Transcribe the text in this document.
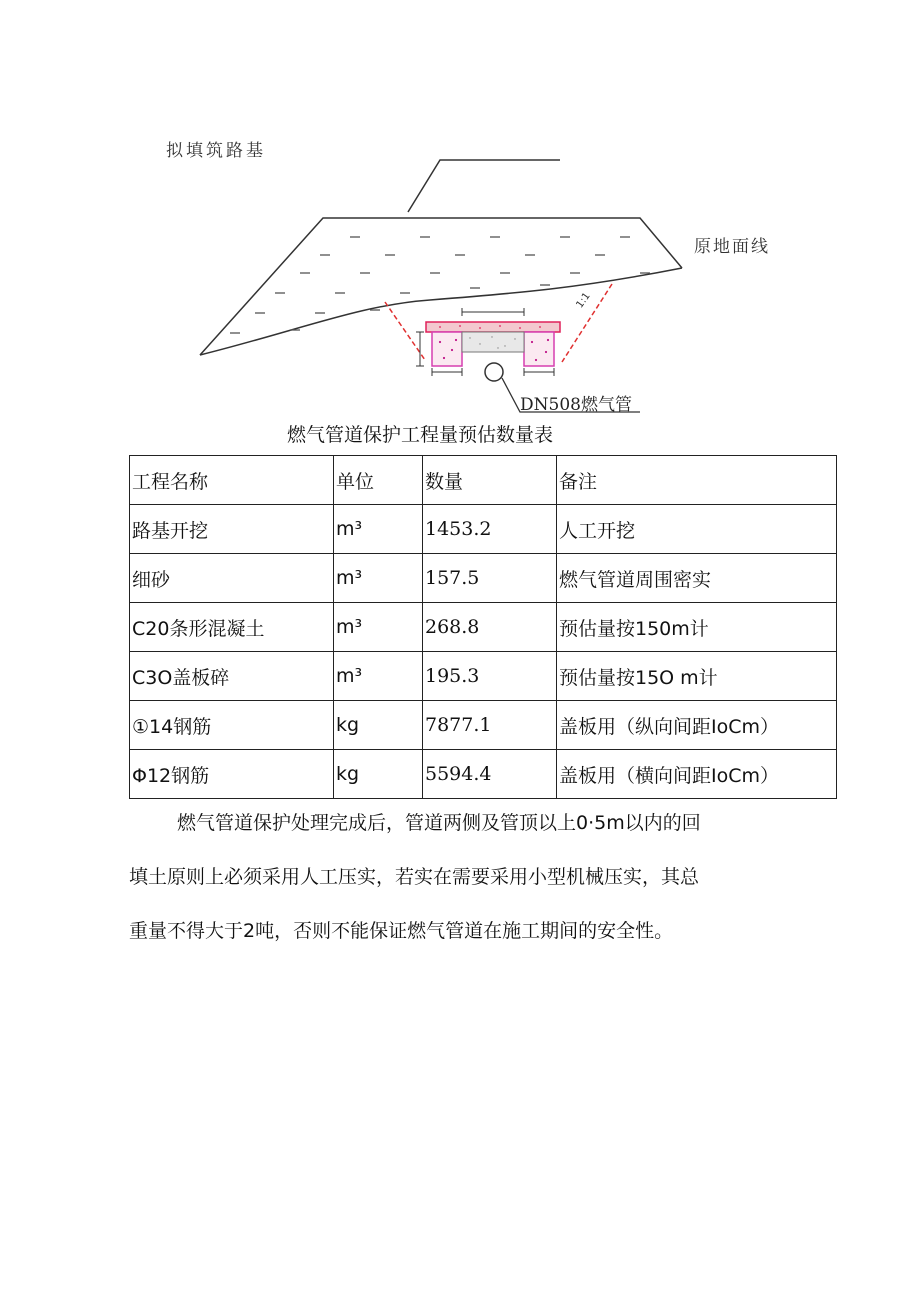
1:1
拟填筑路基
原地面线
DN508燃气管
燃气管道保护工程量预估数量表
工程名称	单位	数量	备注
路基开挖	m³	1453.2	人工开挖
细砂	m³	157.5	燃气管道周围密实
C20条形混凝土	m³	268.8	预估量按150m计
C3O盖板碎	m³	195.3	预估量按15O m计
①14钢筋	kg	7877.1	盖板用（纵向间距IoCm）
Φ12钢筋	kg	5594.4	盖板用（横向间距IoCm）
燃气管道保护处理完成后，管道两侧及管顶以上0·5m以内的回
填土原则上必须采用人工压实，若实在需要采用小型机械压实，其总
重量不得大于2吨，否则不能保证燃气管道在施工期间的安全性。
